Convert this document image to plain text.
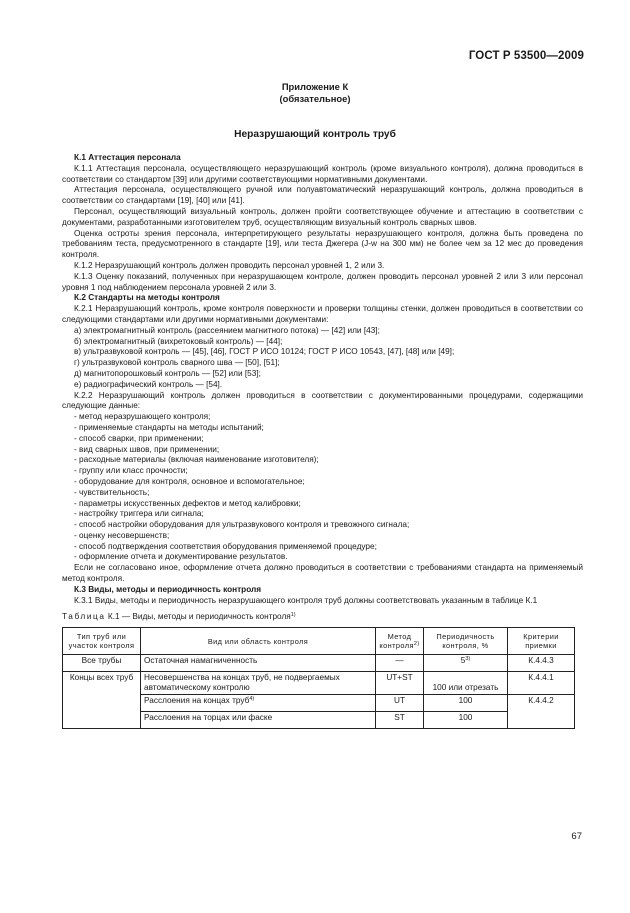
ГОСТ Р 53500—2009
Приложение К
(обязательное)
Неразрушающий контроль труб

К.1 Аттестация персонала

К.1.1 Аттестация персонала, осуществляющего неразрушающий контроль (кроме визуального контроля), должна проводиться в соответствии со стандартом [39] или другими соответствующими нормативными документами.

Аттестация персонала, осуществляющего ручной или полуавтоматический неразрушающий контроль, должна проводиться в соответствии со стандартами [19], [40] или [41].

Персонал, осуществляющий визуальный контроль, должен пройти соответствующее обучение и аттестацию в соответствии с документами, разработанными изготовителем труб, осуществляющим визуальный контроль сварных швов.

Оценка остроты зрения персонала, интерпретирующего результаты неразрушающего контроля, должна быть проведена по требованиям теста, предусмотренного в стандарте [19], или теста Джегера (J-w на 300 мм) не более чем за 12 мес до проведения контроля.

К.1.2 Неразрушающий контроль должен проводить персонал уровней 1, 2 или 3.

К.1.3 Оценку показаний, полученных при неразрушающем контроле, должен проводить персонал уровней 2 или 3 или персонал уровня 1 под наблюдением персонала уровней 2 или 3.

К.2 Стандарты на методы контроля

К.2.1 Неразрушающий контроль, кроме контроля поверхности и проверки толщины стенки, должен проводиться в соответствии со следующими стандартами или другими нормативными документами:

а) электромагнитный контроль (рассеянием магнитного потока) — [42] или [43];

б) электромагнитный (вихретоковый контроль) — [44];

в) ультразвуковой контроль — [45], [46], ГОСТ Р ИСО 10124; ГОСТ Р ИСО 10543, [47], [48] или [49];

г) ультразвуковой контроль сварного шва — [50], [51];

д) магнитопорошковый контроль — [52] или [53];

е) радиографический контроль — [54].

К.2.2 Неразрушающий контроль должен проводиться в соответствии с документированными процедурами, содержащими следующие данные:

- метод неразрушающего контроля;

- применяемые стандарты на методы испытаний;

- способ сварки, при применении;

- вид сварных швов, при применении;

- расходные материалы (включая наименование изготовителя);

- группу или класс прочности;

- оборудование для контроля, основное и вспомогательное;

- чувствительность;

- параметры искусственных дефектов и метод калибровки;

- настройку триггера или сигнала;

- способ настройки оборудования для ультразвукового контроля и тревожного сигнала;

- оценку несовершенств;

- способ подтверждения соответствия оборудования применяемой процедуре;

- оформление отчета и документирование результатов.

Если не согласовано иное, оформление отчета должно проводиться в соответствии с требованиями стандарта на применяемый метод контроля.

К.3 Виды, методы и периодичность контроля

К.3.1 Виды, методы и периодичность неразрушающего контроля труб должны соответствовать указанным в таблице К.1

Таблица К.1 — Виды, методы и периодичность контроля$^{1)}$
Тип труб или участок контроля	Вид или область контроля	Метод контроля$^{2)}$	Периодичность контроля, %	Критерии приемки
Все трубы	Остаточная намагниченность	—	5$^{3)}$	К.4.4.3
Концы всех труб	Несовершенства на концах труб, не подвергаемых автоматическому контролю	UT+ST	100 или отрезать	К.4.4.1
	Расслоения на концах труб$^{4)}$	UT	100	К.4.4.2
	Расслоения на торцах или фаске	ST	100	
67
